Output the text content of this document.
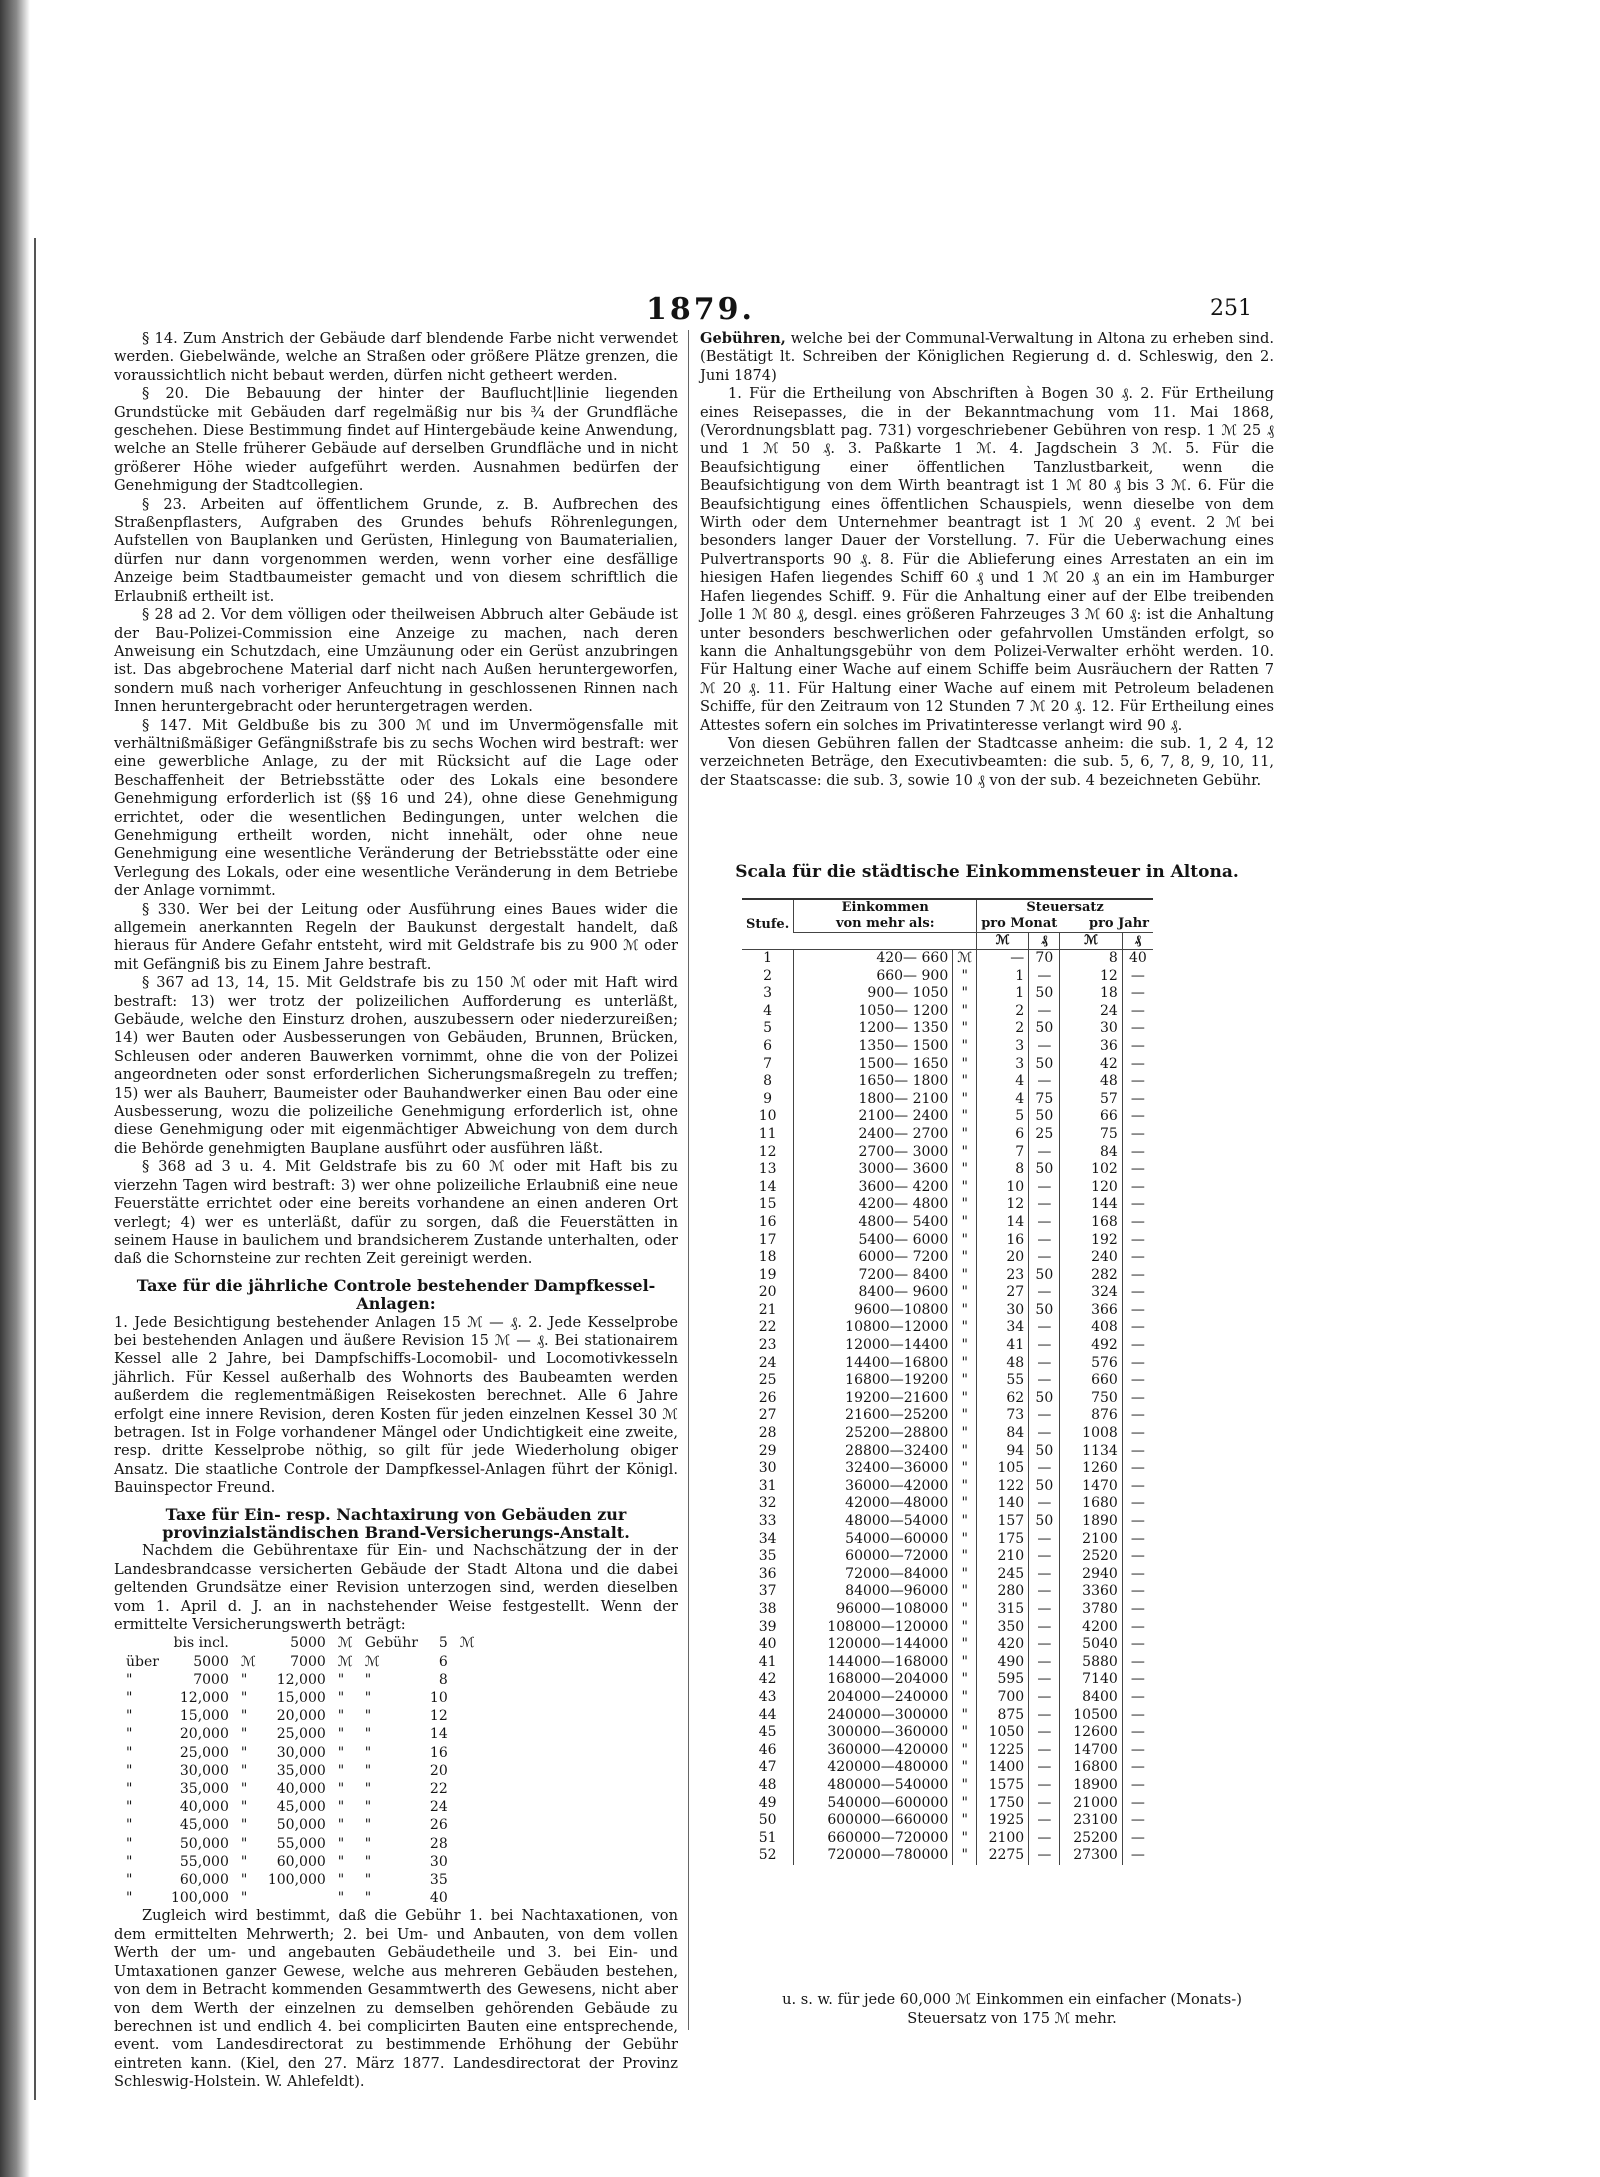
1879.	251

§ 14. Zum Anstrich der Gebäude darf blendende Farbe nicht verwendet werden. Giebelwände, welche an Straßen oder größere Plätze grenzen, die voraussichtlich nicht bebaut werden, dürfen nicht getheert werden.

§ 20. Die Bebauung der hinter der Bauflucht|linie liegenden Grundstücke mit Gebäuden darf regelmäßig nur bis ¾ der Grundfläche geschehen. Diese Bestimmung findet auf Hintergebäude keine Anwendung, welche an Stelle früherer Gebäude auf derselben Grundfläche und in nicht größerer Höhe wieder aufgeführt werden. Ausnahmen bedürfen der Genehmigung der Stadtcollegien.

§ 23. Arbeiten auf öffentlichem Grunde, z. B. Aufbrechen des Straßenpflasters, Aufgraben des Grundes behufs Röhrenlegungen, Aufstellen von Bauplanken und Gerüsten, Hinlegung von Baumaterialien, dürfen nur dann vorgenommen werden, wenn vorher eine desfällige Anzeige beim Stadtbaumeister gemacht und von diesem schriftlich die Erlaubniß ertheilt ist.

§ 28 ad 2. Vor dem völligen oder theilweisen Abbruch alter Gebäude ist der Bau-Polizei-Commission eine Anzeige zu machen, nach deren Anweisung ein Schutzdach, eine Umzäunung oder ein Gerüst anzubringen ist. Das abgebrochene Material darf nicht nach Außen heruntergeworfen, sondern muß nach vorheriger Anfeuchtung in geschlossenen Rinnen nach Innen heruntergebracht oder heruntergetragen werden.

§ 147. Mit Geldbuße bis zu 300 ℳ und im Unvermögensfalle mit verhältnißmäßiger Gefängnißstrafe bis zu sechs Wochen wird bestraft: wer eine gewerbliche Anlage, zu der mit Rücksicht auf die Lage oder Beschaffenheit der Betriebsstätte oder des Lokals eine besondere Genehmigung erforderlich ist (§§ 16 und 24), ohne diese Genehmigung errichtet, oder die wesentlichen Bedingungen, unter welchen die Genehmigung ertheilt worden, nicht innehält, oder ohne neue Genehmigung eine wesentliche Veränderung der Betriebsstätte oder eine Verlegung des Lokals, oder eine wesentliche Veränderung in dem Betriebe der Anlage vornimmt.

§ 330. Wer bei der Leitung oder Ausführung eines Baues wider die allgemein anerkannten Regeln der Baukunst dergestalt handelt, daß hieraus für Andere Gefahr entsteht, wird mit Geldstrafe bis zu 900 ℳ oder mit Gefängniß bis zu Einem Jahre bestraft.

§ 367 ad 13, 14, 15. Mit Geldstrafe bis zu 150 ℳ oder mit Haft wird bestraft: 13) wer trotz der polizeilichen Aufforderung es unterläßt, Gebäude, welche den Einsturz drohen, auszubessern oder niederzureißen; 14) wer Bauten oder Ausbesserungen von Gebäuden, Brunnen, Brücken, Schleusen oder anderen Bauwerken vornimmt, ohne die von der Polizei angeordneten oder sonst erforderlichen Sicherungsmaßregeln zu treffen; 15) wer als Bauherr, Baumeister oder Bauhandwerker einen Bau oder eine Ausbesserung, wozu die polizeiliche Genehmigung erforderlich ist, ohne diese Genehmigung oder mit eigenmächtiger Abweichung von dem durch die Behörde genehmigten Bauplane ausführt oder ausführen läßt.

§ 368 ad 3 u. 4. Mit Geldstrafe bis zu 60 ℳ oder mit Haft bis zu vierzehn Tagen wird bestraft: 3) wer ohne polizeiliche Erlaubniß eine neue Feuerstätte errichtet oder eine bereits vorhandene an einen anderen Ort verlegt; 4) wer es unterläßt, dafür zu sorgen, daß die Feuerstätten in seinem Hause in baulichem und brandsicherem Zustande unterhalten, oder daß die Schornsteine zur rechten Zeit gereinigt werden.

Taxe für die jährliche Controle bestehender Dampfkessel-Anlagen:

1. Jede Besichtigung bestehender Anlagen 15 ℳ — ₰. 2. Jede Kesselprobe bei bestehenden Anlagen und äußere Revision 15 ℳ — ₰. Bei stationairem Kessel alle 2 Jahre, bei Dampfschiffs-Locomobil- und Locomotivkesseln jährlich. Für Kessel außerhalb des Wohnorts des Baubeamten werden außerdem die reglementmäßigen Reisekosten berechnet. Alle 6 Jahre erfolgt eine innere Revision, deren Kosten für jeden einzelnen Kessel 30 ℳ betragen. Ist in Folge vorhandener Mängel oder Undichtigkeit eine zweite, resp. dritte Kesselprobe nöthig, so gilt für jede Wiederholung obiger Ansatz. Die staatliche Controle der Dampfkessel-Anlagen führt der Königl. Bauinspector Freund.

Taxe für Ein- resp. Nachtaxirung von Gebäuden zur provinzialständischen Brand-Versicherungs-Anstalt.

Nachdem die Gebührentaxe für Ein- und Nachschätzung der in der Landesbrandcasse versicherten Gebäude der Stadt Altona und die dabei geltenden Grundsätze einer Revision unterzogen sind, werden dieselben vom 1. April d. J. an in nachstehender Weise festgestellt. Wenn der ermittelte Versicherungswerth beträgt:

	bis incl.		5000	ℳ	Gebühr	5	ℳ
über	5000	ℳ	7000	ℳ	ℳ	6	
"	7000	"	12,000	"	"	8	
"	12,000	"	15,000	"	"	10	
"	15,000	"	20,000	"	"	12	
"	20,000	"	25,000	"	"	14	
"	25,000	"	30,000	"	"	16	
"	30,000	"	35,000	"	"	20	
"	35,000	"	40,000	"	"	22	
"	40,000	"	45,000	"	"	24	
"	45,000	"	50,000	"	"	26	
"	50,000	"	55,000	"	"	28	
"	55,000	"	60,000	"	"	30	
"	60,000	"	100,000	"	"	35	
"	100,000	"		"	"	40	

Zugleich wird bestimmt, daß die Gebühr 1. bei Nachtaxationen, von dem ermittelten Mehrwerth; 2. bei Um- und Anbauten, von dem vollen Werth der um- und angebauten Gebäudetheile und 3. bei Ein- und Umtaxationen ganzer Gewese, welche aus mehreren Gebäuden bestehen, von dem in Betracht kommenden Gesammtwerth des Gewesens, nicht aber von dem Werth der einzelnen zu demselben gehörenden Gebäude zu berechnen ist und endlich 4. bei complicirten Bauten eine entsprechende, event. vom Landesdirectorat zu bestimmende Erhöhung der Gebühr eintreten kann. (Kiel, den 27. März 1877. Landesdirectorat der Provinz Schleswig-Holstein. W. Ahlefeldt).

Gebühren, welche bei der Communal-Verwaltung in Altona zu erheben sind. (Bestätigt lt. Schreiben der Königlichen Regierung d. d. Schleswig, den 2. Juni 1874)

1. Für die Ertheilung von Abschriften à Bogen 30 ₰. 2. Für Ertheilung eines Reisepasses, die in der Bekanntmachung vom 11. Mai 1868, (Verordnungsblatt pag. 731) vorgeschriebener Gebühren von resp. 1 ℳ 25 ₰ und 1 ℳ 50 ₰. 3. Paßkarte 1 ℳ. 4. Jagdschein 3 ℳ. 5. Für die Beaufsichtigung einer öffentlichen Tanzlustbarkeit, wenn die Beaufsichtigung von dem Wirth beantragt ist 1 ℳ 80 ₰ bis 3 ℳ. 6. Für die Beaufsichtigung eines öffentlichen Schauspiels, wenn dieselbe von dem Wirth oder dem Unternehmer beantragt ist 1 ℳ 20 ₰ event. 2 ℳ bei besonders langer Dauer der Vorstellung. 7. Für die Ueberwachung eines Pulvertransports 90 ₰. 8. Für die Ablieferung eines Arrestaten an ein im hiesigen Hafen liegendes Schiff 60 ₰ und 1 ℳ 20 ₰ an ein im Hamburger Hafen liegendes Schiff. 9. Für die Anhaltung einer auf der Elbe treibenden Jolle 1 ℳ 80 ₰, desgl. eines größeren Fahrzeuges 3 ℳ 60 ₰: ist die Anhaltung unter besonders beschwerlichen oder gefahrvollen Umständen erfolgt, so kann die Anhaltungsgebühr von dem Polizei-Verwalter erhöht werden. 10. Für Haltung einer Wache auf einem Schiffe beim Ausräuchern der Ratten 7 ℳ 20 ₰. 11. Für Haltung einer Wache auf einem mit Petroleum beladenen Schiffe, für den Zeitraum von 12 Stunden 7 ℳ 20 ₰. 12. Für Ertheilung eines Attestes sofern ein solches im Privatinteresse verlangt wird 90 ₰.

Von diesen Gebühren fallen der Stadtcasse anheim: die sub. 1, 2 4, 12 verzeichneten Beträge, den Executivbeamten: die sub. 5, 6, 7, 8, 9, 10, 11, der Staatscasse: die sub. 3, sowie 10 ₰ von der sub. 4 bezeichneten Gebühr.

Scala für die städtische Einkommensteuer in Altona.
Stufe.	Einkommen
von mehr als:		Steuersatz
pro Monat pro Jahr			
			ℳ	₰	ℳ	₰
1	420— 660	ℳ	—	70	8	40
2	660— 900	"	1	—	12	—
3	900— 1050	"	1	50	18	—
4	1050— 1200	"	2	—	24	—
5	1200— 1350	"	2	50	30	—
6	1350— 1500	"	3	—	36	—
7	1500— 1650	"	3	50	42	—
8	1650— 1800	"	4	—	48	—
9	1800— 2100	"	4	75	57	—
10	2100— 2400	"	5	50	66	—
11	2400— 2700	"	6	25	75	—
12	2700— 3000	"	7	—	84	—
13	3000— 3600	"	8	50	102	—
14	3600— 4200	"	10	—	120	—
15	4200— 4800	"	12	—	144	—
16	4800— 5400	"	14	—	168	—
17	5400— 6000	"	16	—	192	—
18	6000— 7200	"	20	—	240	—
19	7200— 8400	"	23	50	282	—
20	8400— 9600	"	27	—	324	—
21	9600—10800	"	30	50	366	—
22	10800—12000	"	34	—	408	—
23	12000—14400	"	41	—	492	—
24	14400—16800	"	48	—	576	—
25	16800—19200	"	55	—	660	—
26	19200—21600	"	62	50	750	—
27	21600—25200	"	73	—	876	—
28	25200—28800	"	84	—	1008	—
29	28800—32400	"	94	50	1134	—
30	32400—36000	"	105	—	1260	—
31	36000—42000	"	122	50	1470	—
32	42000—48000	"	140	—	1680	—
33	48000—54000	"	157	50	1890	—
34	54000—60000	"	175	—	2100	—
35	60000—72000	"	210	—	2520	—
36	72000—84000	"	245	—	2940	—
37	84000—96000	"	280	—	3360	—
38	96000—108000	"	315	—	3780	—
39	108000—120000	"	350	—	4200	—
40	120000—144000	"	420	—	5040	—
41	144000—168000	"	490	—	5880	—
42	168000—204000	"	595	—	7140	—
43	204000—240000	"	700	—	8400	—
44	240000—300000	"	875	—	10500	—
45	300000—360000	"	1050	—	12600	—
46	360000—420000	"	1225	—	14700	—
47	420000—480000	"	1400	—	16800	—
48	480000—540000	"	1575	—	18900	—
49	540000—600000	"	1750	—	21000	—
50	600000—660000	"	1925	—	23100	—
51	660000—720000	"	2100	—	25200	—
52	720000—780000	"	2275	—	27300	—
u. s. w. für jede 60,000 ℳ Einkommen ein einfacher (Monats-) Steuersatz von 175 ℳ mehr.
